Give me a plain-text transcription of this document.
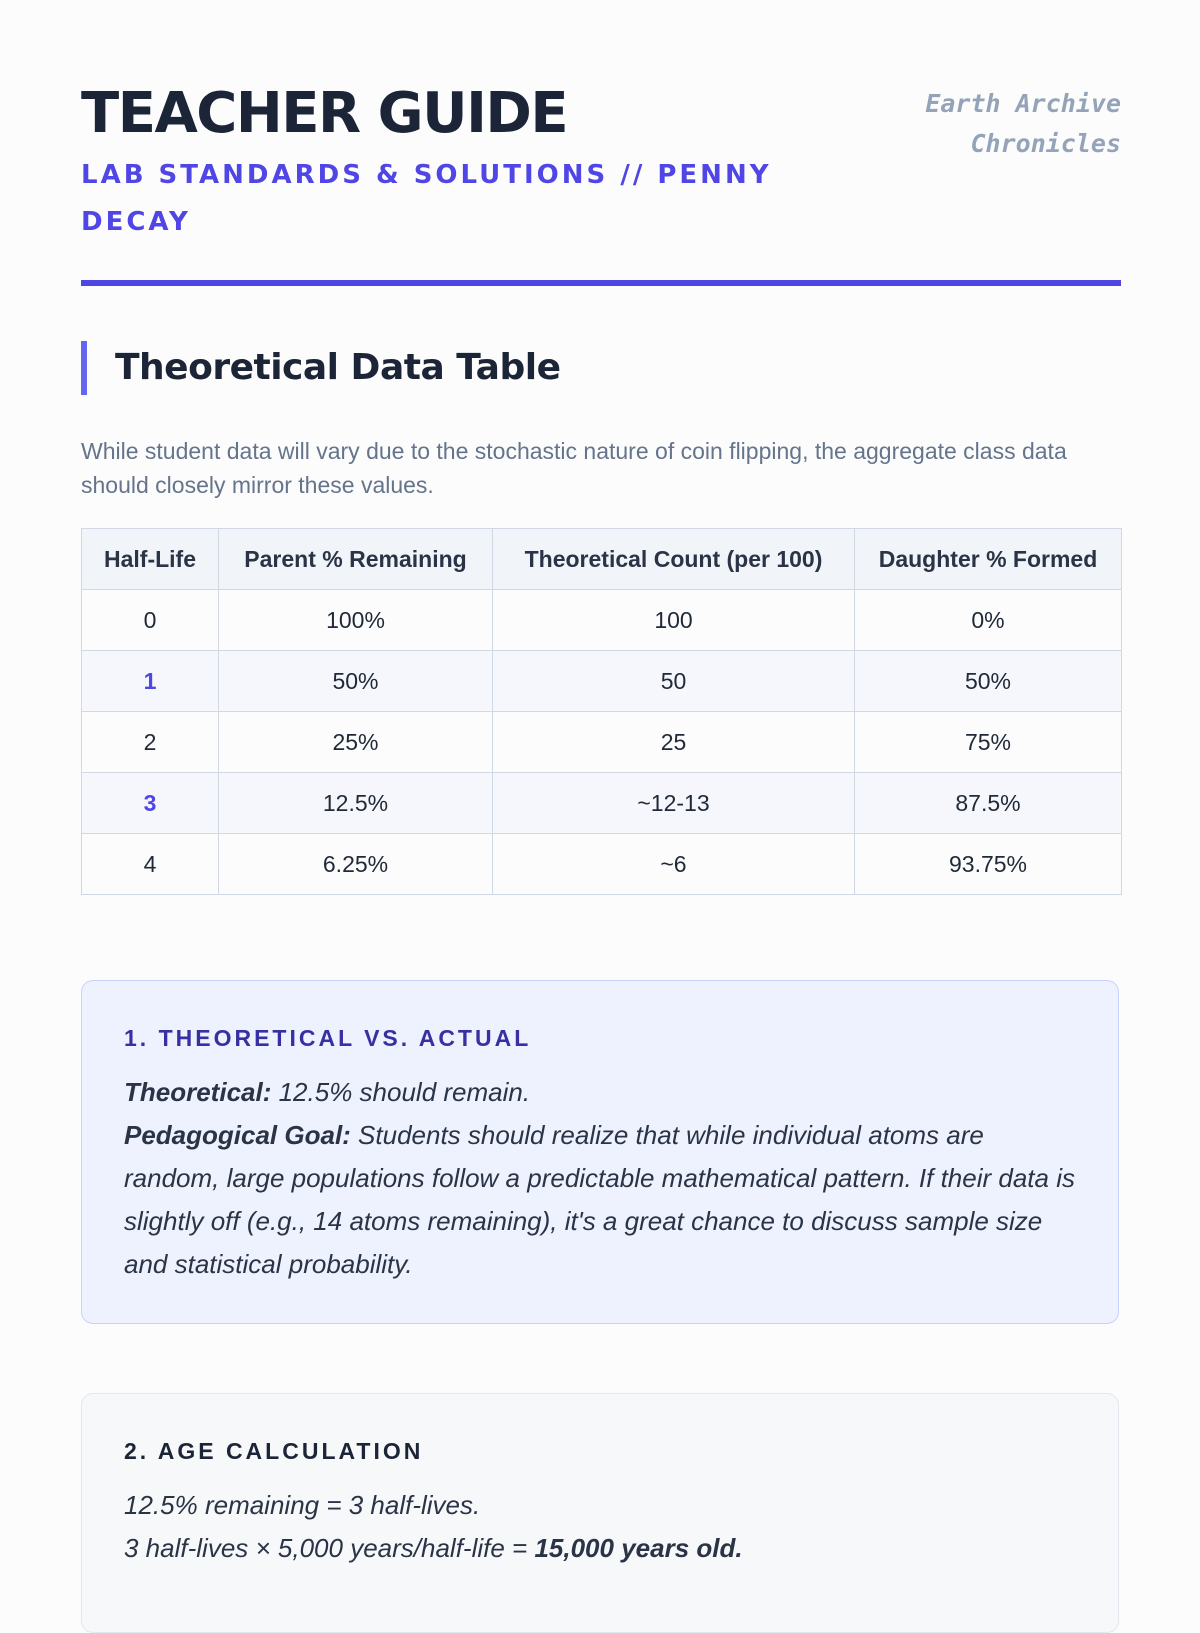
TEACHER GUIDE
LAB STANDARDS & SOLUTIONS // PENNY DECAY
Earth Archive
Chronicles
Theoretical Data Table

While student data will vary due to the stochastic nature of coin flipping, the aggregate class data should closely mirror these values.

Half-Life	Parent % Remaining	Theoretical Count (per 100)	Daughter % Formed
0	100%	100	0%
1	50%	50	50%
2	25%	25	75%
3	12.5%	~12-13	87.5%
4	6.25%	~6	93.75%
1. THEORETICAL VS. ACTUAL

Theoretical: 12.5% should remain.

Pedagogical Goal: Students should realize that while individual atoms are random, large populations follow a predictable mathematical pattern. If their data is slightly off (e.g., 14 atoms remaining), it's a great chance to discuss sample size and statistical probability.

2. AGE CALCULATION

12.5% remaining = 3 half-lives.

3 half-lives × 5,000 years/half-life = 15,000 years old.
